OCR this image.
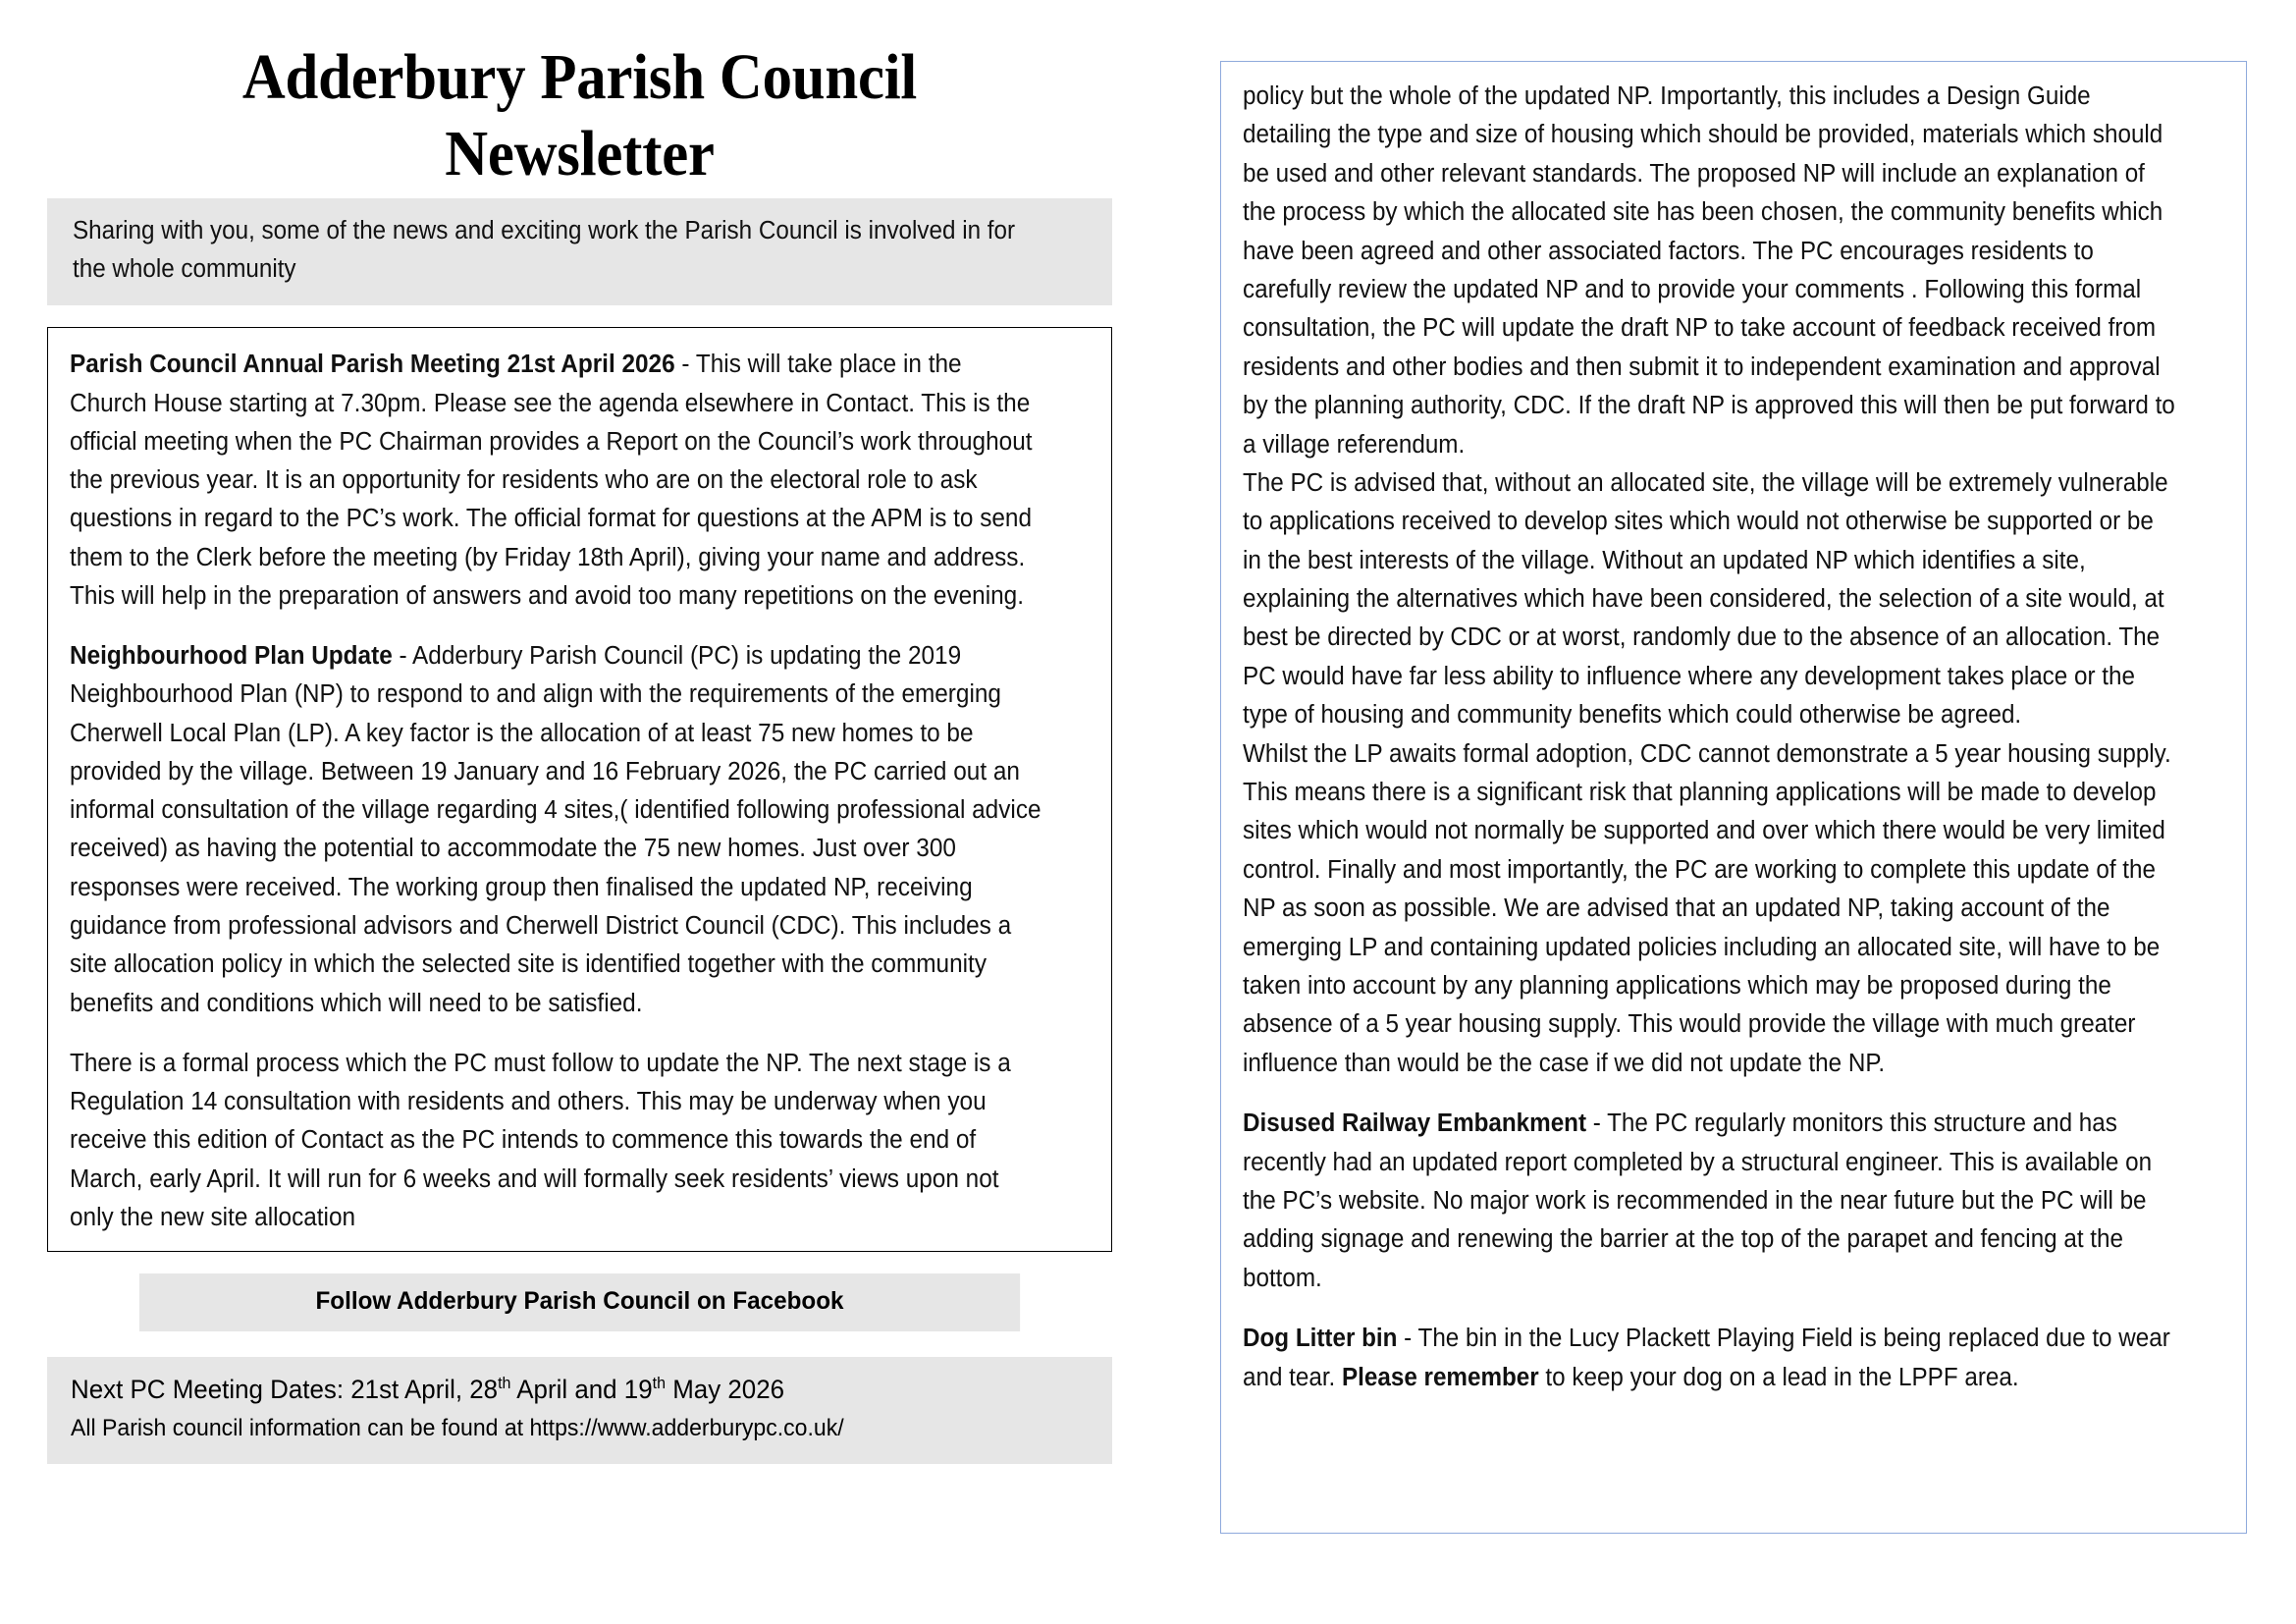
Adderbury Parish Council
Newsletter
Sharing with you, some of the news and exciting work the Parish Council is involved in for the whole community

Parish Council Annual Parish Meeting 21st April 2026 - This will take place in the Church House starting at 7.30pm. Please see the agenda elsewhere in Contact. This is the official meeting when the PC Chairman provides a Report on the Council’s work throughout the previous year. It is an opportunity for residents who are on the electoral role to ask questions in regard to the PC’s work. The official format for questions at the APM is to send them to the Clerk before the meeting (by Friday 18th April), giving your name and address. This will help in the preparation of answers and avoid too many repetitions on the evening.

Neighbourhood Plan Update - Adderbury Parish Council (PC) is updating the 2019 Neighbourhood Plan (NP) to respond to and align with the requirements of the emerging Cherwell Local Plan (LP). A key factor is the allocation of at least 75 new homes to be provided by the village. Between 19 January and 16 February 2026, the PC carried out an informal consultation of the village regarding 4 sites,( identified following professional advice received) as having the potential to accommodate the 75 new homes. Just over 300 responses were received. The working group then finalised the updated NP, receiving guidance from professional advisors and Cherwell District Council (CDC). This includes a site allocation policy in which the selected site is identified together with the community benefits and conditions which will need to be satisfied.

There is a formal process which the PC must follow to update the NP. The next stage is a Regulation 14 consultation with residents and others. This may be underway when you receive this edition of Contact as the PC intends to commence this towards the end of March, early April. It will run for 6 weeks and will formally seek residents’ views upon not only the new site allocation

Follow Adderbury Parish Council on Facebook
Next PC Meeting Dates: 21st April, 28th April and 19th May 2026
All Parish council information can be found at https://www.adderburypc.co.uk/

policy but the whole of the updated NP. Importantly, this includes a Design Guide detailing the type and size of housing which should be provided, materials which should be used and other relevant standards. The proposed NP will include an explanation of the process by which the allocated site has been chosen, the community benefits which have been agreed and other associated factors. The PC encourages residents to carefully review the updated NP and to provide your comments . Following this formal consultation, the PC will update the draft NP to take account of feedback received from residents and other bodies and then submit it to independent examination and approval by the planning authority, CDC. If the draft NP is approved this will then be put forward to a village referendum.

The PC is advised that, without an allocated site, the village will be extremely vulnerable to applications received to develop sites which would not otherwise be supported or be in the best interests of the village. Without an updated NP which identifies a site, explaining the alternatives which have been considered, the selection of a site would, at best be directed by CDC or at worst, randomly due to the absence of an allocation. The PC would have far less ability to influence where any development takes place or the type of housing and community benefits which could otherwise be agreed.

Whilst the LP awaits formal adoption, CDC cannot demonstrate a 5 year housing supply. This means there is a significant risk that planning applications will be made to develop sites which would not normally be supported and over which there would be very limited control. Finally and most importantly, the PC are working to complete this update of the NP as soon as possible. We are advised that an updated NP, taking account of the emerging LP and containing updated policies including an allocated site, will have to be taken into account by any planning applications which may be proposed during the absence of a 5 year housing supply. This would provide the village with much greater influence than would be the case if we did not update the NP.

Disused Railway Embankment - The PC regularly monitors this structure and has recently had an updated report completed by a structural engineer. This is available on the PC’s website. No major work is recommended in the near future but the PC will be adding signage and renewing the barrier at the top of the parapet and fencing at the bottom.

Dog Litter bin - The bin in the Lucy Plackett Playing Field is being replaced due to wear and tear. Please remember to keep your dog on a lead in the LPPF area.
